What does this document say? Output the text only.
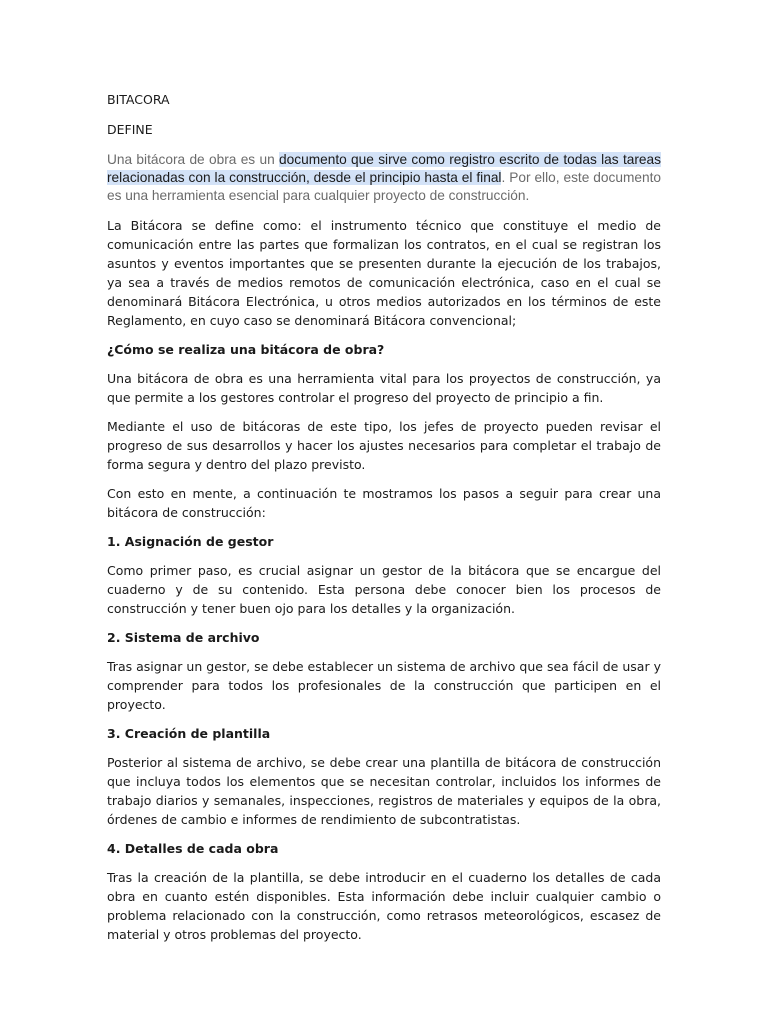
BITACORA

DEFINE

Una bitácora de obra es un documento que sirve como registro escrito de todas las tareas relacionadas con la construcción, desde el principio hasta el final. Por ello, este documento es una herramienta esencial para cualquier proyecto de construcción.

La Bitácora se define como: el instrumento técnico que constituye el medio de comunicación entre las partes que formalizan los contratos, en el cual se registran los asuntos y eventos importantes que se presenten durante la ejecución de los trabajos, ya sea a través de medios remotos de comunicación electrónica, caso en el cual se denominará Bitácora Electrónica, u otros medios autorizados en los términos de este Reglamento, en cuyo caso se denominará Bitácora convencional;

¿Cómo se realiza una bitácora de obra?

Una bitácora de obra es una herramienta vital para los proyectos de construcción, ya que permite a los gestores controlar el progreso del proyecto de principio a fin.

Mediante el uso de bitácoras de este tipo, los jefes de proyecto pueden revisar el progreso de sus desarrollos y hacer los ajustes necesarios para completar el trabajo de forma segura y dentro del plazo previsto.

Con esto en mente, a continuación te mostramos los pasos a seguir para crear una bitácora de construcción:

1. Asignación de gestor

Como primer paso, es crucial asignar un gestor de la bitácora que se encargue del cuaderno y de su contenido. Esta persona debe conocer bien los procesos de construcción y tener buen ojo para los detalles y la organización.

2. Sistema de archivo

Tras asignar un gestor, se debe establecer un sistema de archivo que sea fácil de usar y comprender para todos los profesionales de la construcción que participen en el proyecto.

3. Creación de plantilla

Posterior al sistema de archivo, se debe crear una plantilla de bitácora de construcción que incluya todos los elementos que se necesitan controlar, incluidos los informes de trabajo diarios y semanales, inspecciones, registros de materiales y equipos de la obra, órdenes de cambio e informes de rendimiento de subcontratistas.

4. Detalles de cada obra

Tras la creación de la plantilla, se debe introducir en el cuaderno los detalles de cada obra en cuanto estén disponibles. Esta información debe incluir cualquier cambio o problema relacionado con la construcción, como retrasos meteorológicos, escasez de material y otros problemas del proyecto.
